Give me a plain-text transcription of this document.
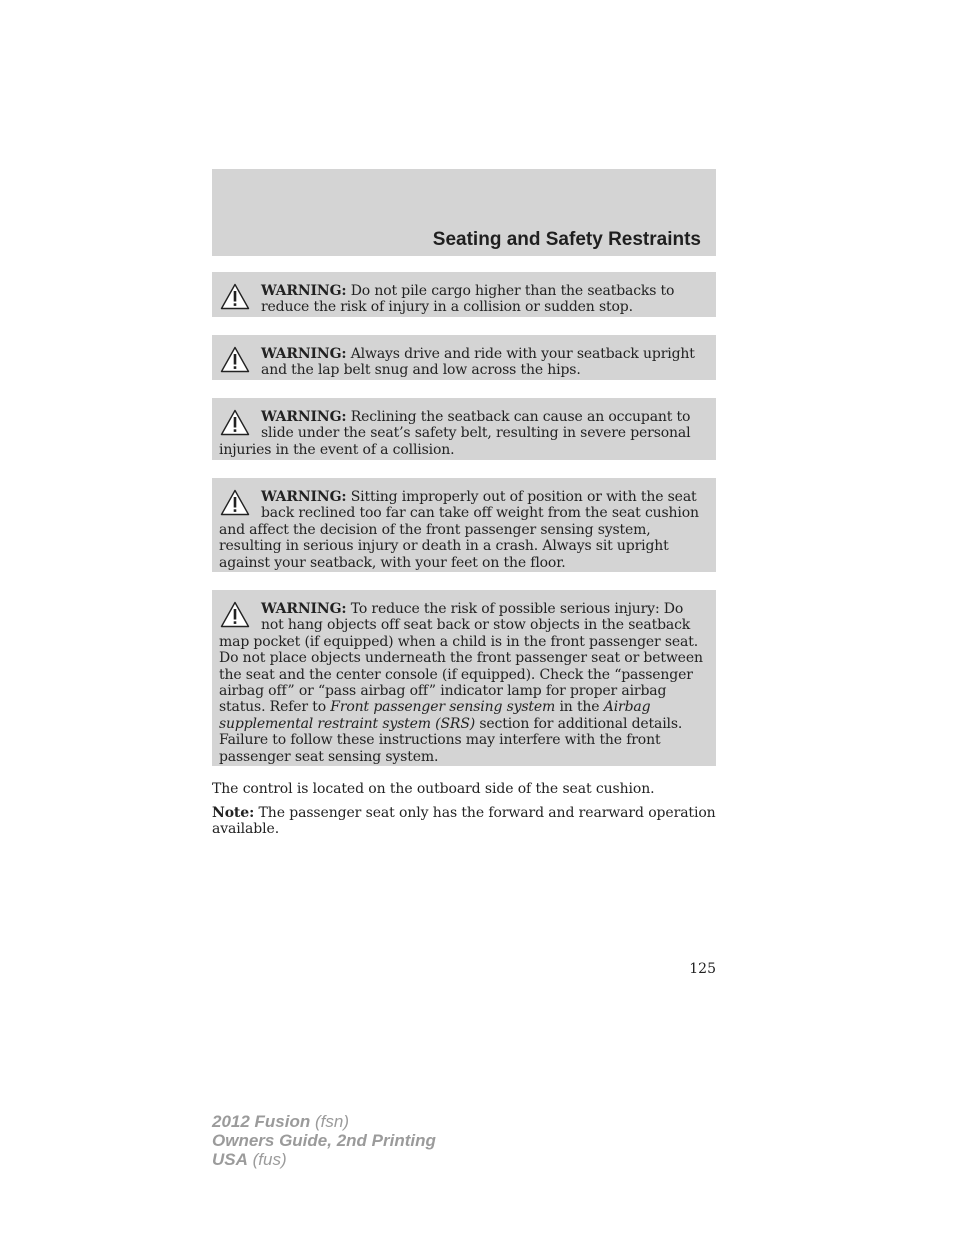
Seating and Safety Restraints
WARNING: Do not pile cargo higher than the seatbacks to reduce the risk of injury in a collision or sudden stop.
WARNING: Always drive and ride with your seatback upright and the lap belt snug and low across the hips.
WARNING: Reclining the seatback can cause an occupant to slide under the seat’s safety belt, resulting in severe personal injuries in the event of a collision.
WARNING: Sitting improperly out of position or with the seat back reclined too far can take off weight from the seat cushion and affect the decision of the front passenger sensing system, resulting in serious injury or death in a crash. Always sit upright against your seatback, with your feet on the floor.
WARNING: To reduce the risk of possible serious injury: Do not hang objects off seat back or stow objects in the seatback map pocket (if equipped) when a child is in the front passenger seat. Do not place objects underneath the front passenger seat or between the seat and the center console (if equipped). Check the “passenger airbag off” or “pass airbag off” indicator lamp for proper airbag status. Refer to Front passenger sensing system in the Airbag supplemental restraint system (SRS) section for additional details. Failure to follow these instructions may interfere with the front passenger seat sensing system.
The control is located on the outboard side of the seat cushion.
Note: The passenger seat only has the forward and rearward operation available.
125
2012 Fusion (fsn)
Owners Guide, 2nd Printing
USA (fus)
